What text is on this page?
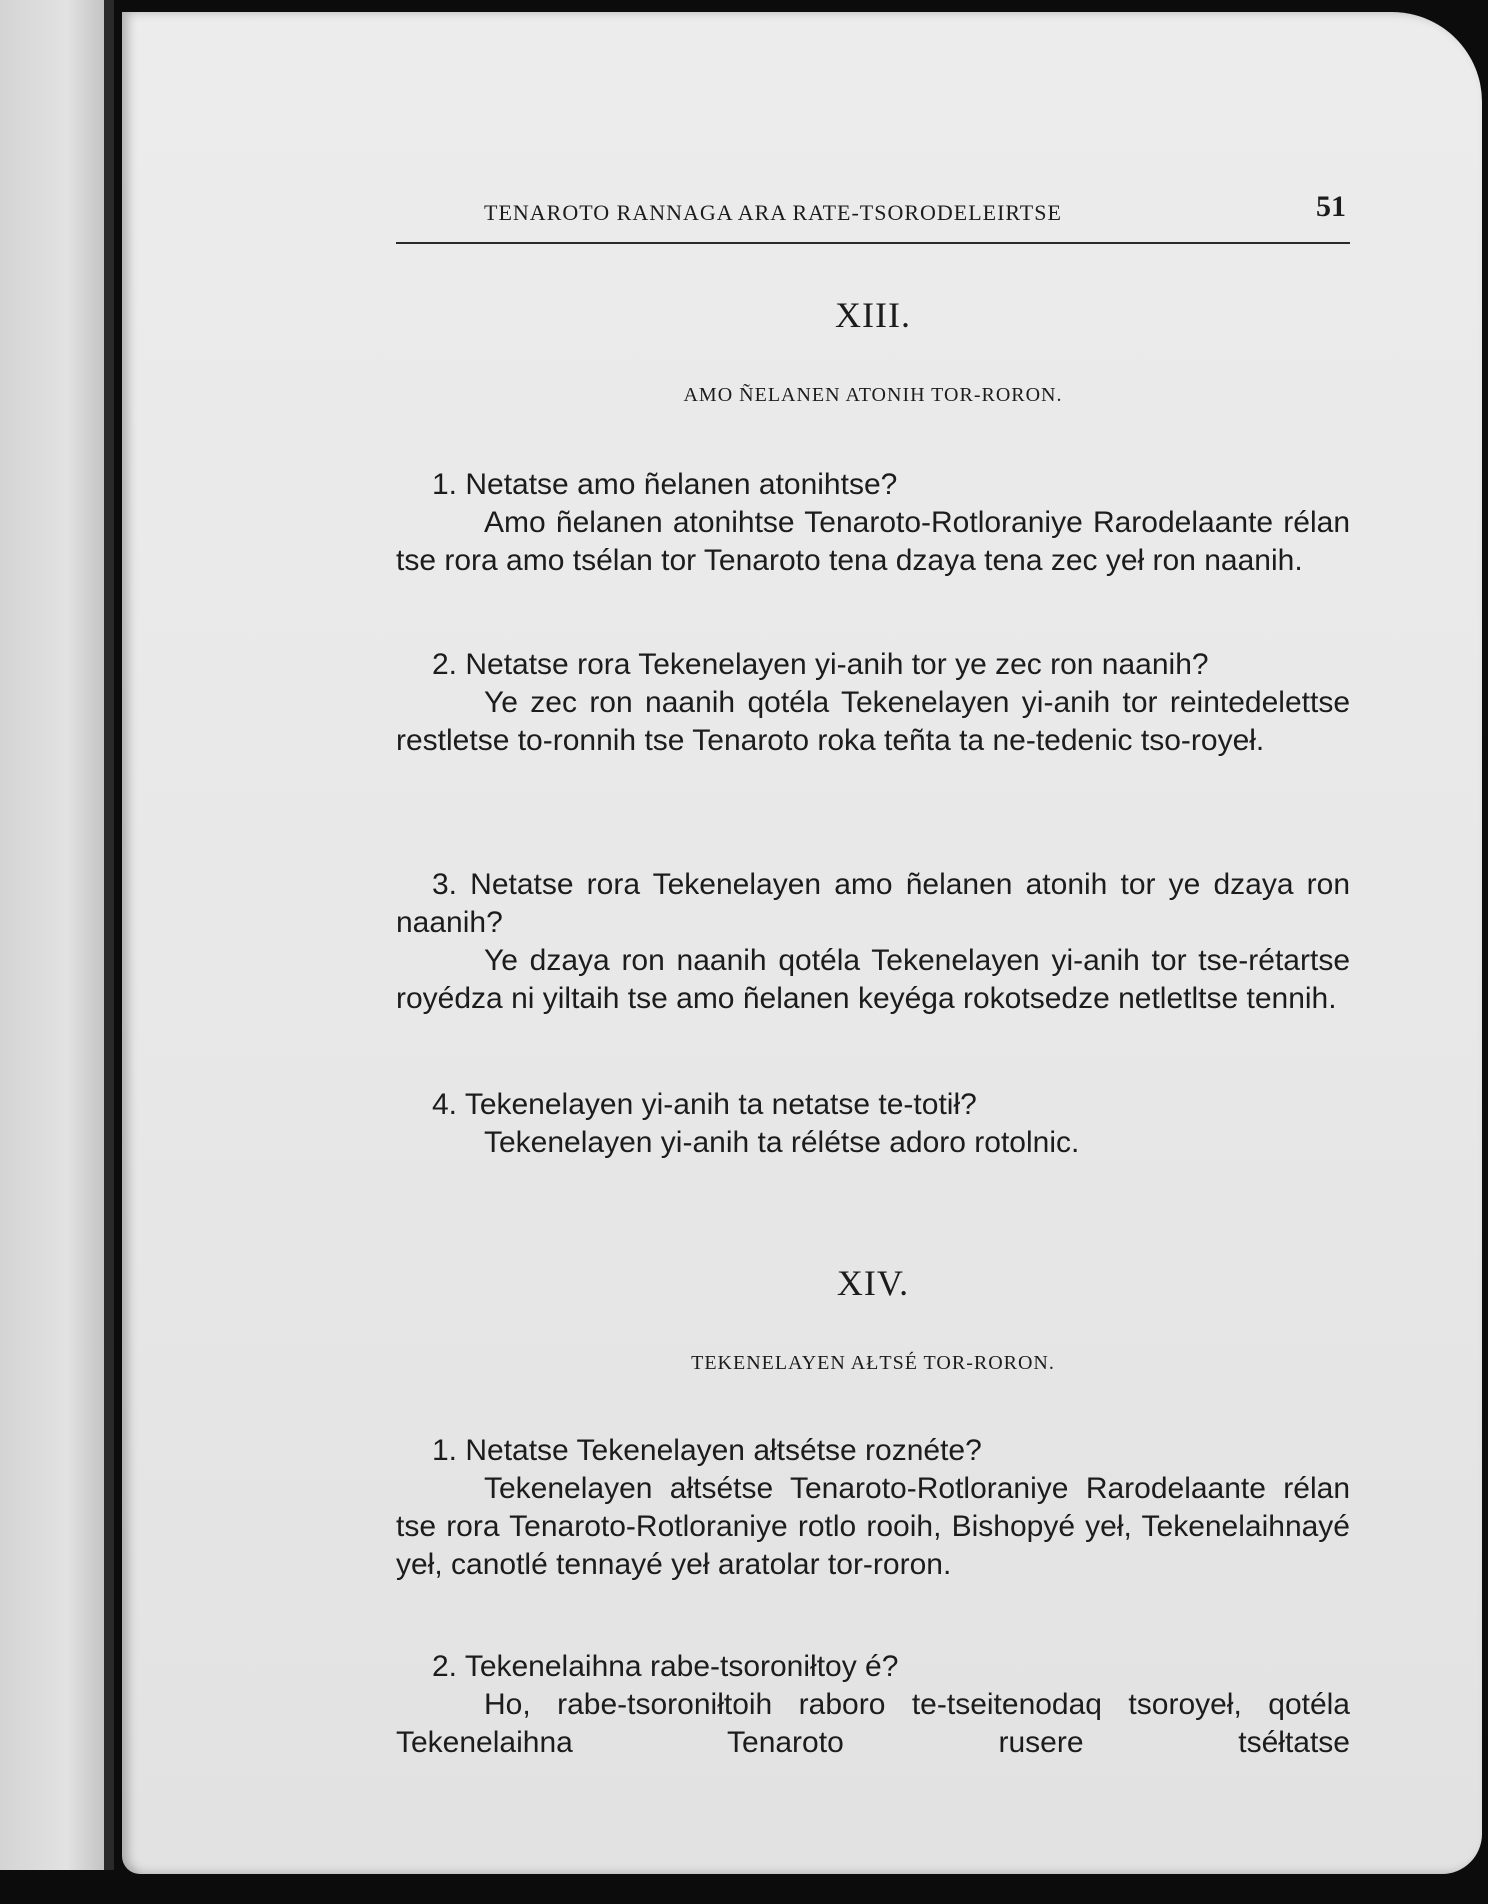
TENAROTO RANNAGA ARA RATE-TSORODELEIRTSE	51
XIII.
AMO ÑELANEN ATONIH TOR-RORON.

1. Netatse amo ñelanen atonihtse?

Amo ñelanen atonihtse Tenaroto-Rotloraniye Rarodelaante rélan tse rora amo tsélan tor Tenaroto tena dzaya tena zec yeł ron naanih.

2. Netatse rora Tekenelayen yi-anih tor ye zec ron naanih?

Ye zec ron naanih qotéla Tekenelayen yi-anih tor reintedelettse restletse to-ronnih tse Tenaroto roka teñta ta ne-tedenic tso-royeł.

3. Netatse rora Tekenelayen amo ñelanen atonih tor ye dzaya ron naanih?

Ye dzaya ron naanih qotéla Tekenelayen yi-anih tor tse-rétartse royédza ni yiltaih tse amo ñelanen keyéga rokotsedze netletltse tennih.

4. Tekenelayen yi-anih ta netatse te-totił?

Tekenelayen yi-anih ta rélétse adoro rotolnic.

XIV.
TEKENELAYEN AŁTSÉ TOR-RORON.

1. Netatse Tekenelayen ałtsétse roznéte?

Tekenelayen ałtsétse Tenaroto-Rotloraniye Rarodelaante rélan tse rora Tenaroto-Rotloraniye rotlo rooih, Bishopyé yeł, Tekenelaihnayé yeł, canotlé tennayé yeł aratolar tor-roron.

2. Tekenelaihna rabe-tsoroniłtoy é?

Ho, rabe-tsoroniłtoih raboro te-tseitenodaq tsoroyeł, qotéla Tekenelaihna Tenaroto rusere tséłtatse
